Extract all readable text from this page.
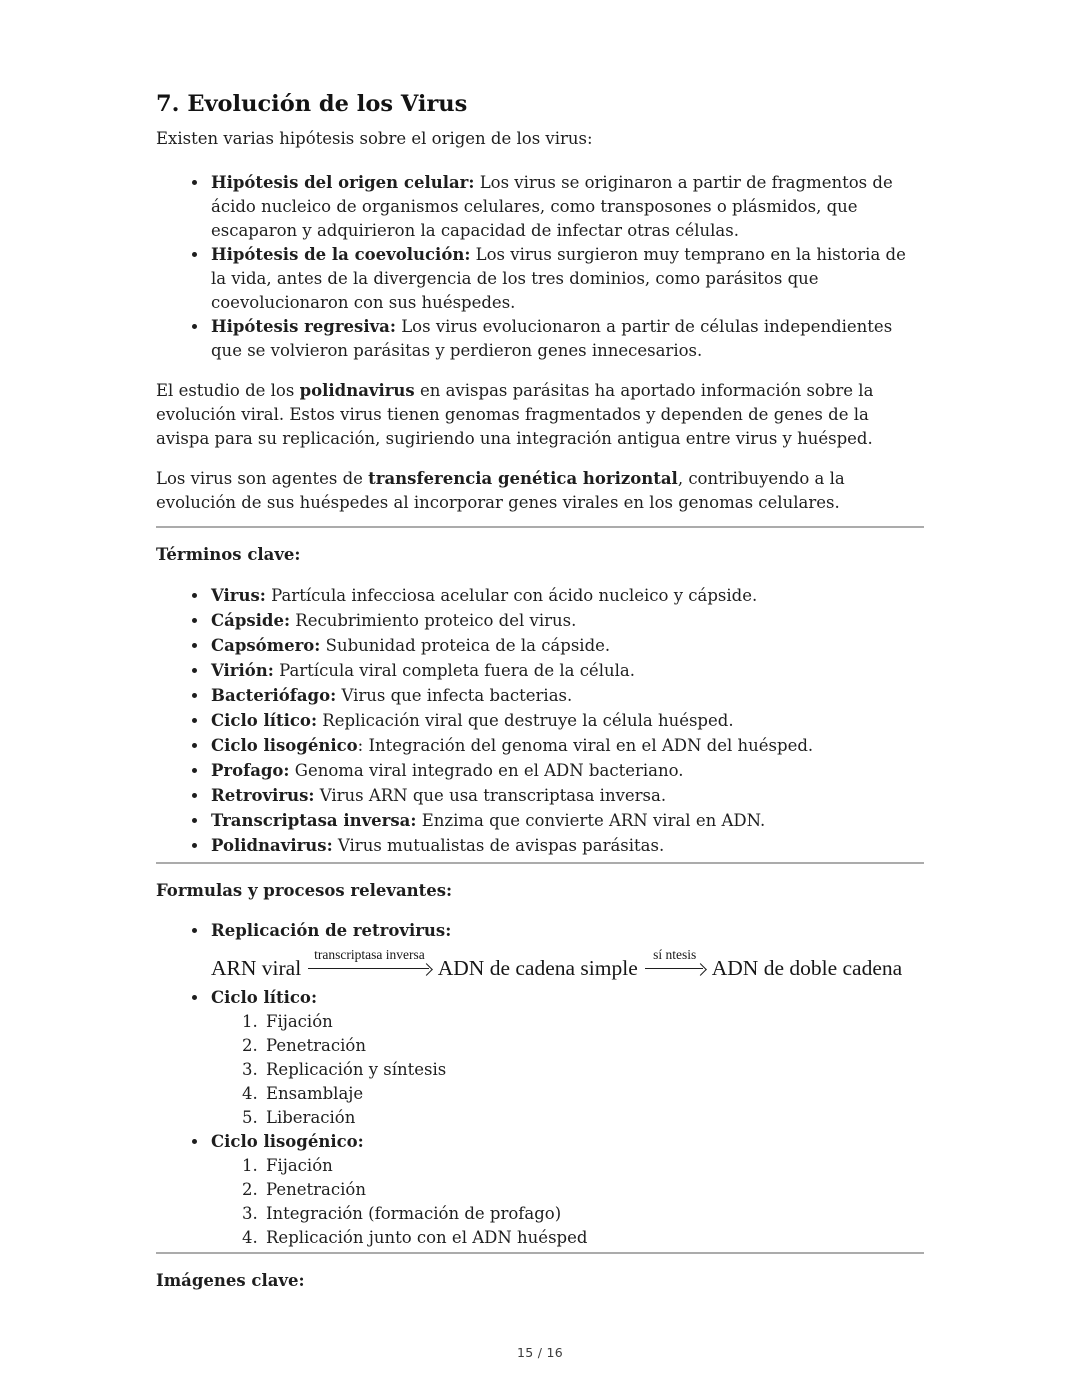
7. Evolución de los Virus

Existen varias hipótesis sobre el origen de los virus:

• Hipótesis del origen celular: Los virus se originaron a partir de fragmentos de ácido nucleico de organismos celulares, como transposones o plásmidos, que escaparon y adquirieron la capacidad de infectar otras células.
• Hipótesis de la coevolución: Los virus surgieron muy temprano en la historia de la vida, antes de la divergencia de los tres dominios, como parásitos que coevolucionaron con sus huéspedes.
• Hipótesis regresiva: Los virus evolucionaron a partir de células independientes que se volvieron parásitas y perdieron genes innecesarios.

El estudio de los polidnavirus en avispas parásitas ha aportado información sobre la evolución viral. Estos virus tienen genomas fragmentados y dependen de genes de la avispa para su replicación, sugiriendo una integración antigua entre virus y huésped.

Los virus son agentes de transferencia genética horizontal, contribuyendo a la evolución de sus huéspedes al incorporar genes virales en los genomas celulares.

Términos clave:

• Virus: Partícula infecciosa acelular con ácido nucleico y cápside.
• Cápside: Recubrimiento proteico del virus.
• Capsómero: Subunidad proteica de la cápside.
• Virión: Partícula viral completa fuera de la célula.
• Bacteriófago: Virus que infecta bacterias.
• Ciclo lítico: Replicación viral que destruye la célula huésped.
• Ciclo lisogénico: Integración del genoma viral en el ADN del huésped.
• Profago: Genoma viral integrado en el ADN bacteriano.
• Retrovirus: Virus ARN que usa transcriptasa inversa.
• Transcriptasa inversa: Enzima que convierte ARN viral en ADN.
• Polidnavirus: Virus mutualistas de avispas parásitas.

Formulas y procesos relevantes:

• Replicación de retrovirus:
ARN viral
transcriptasa inversa
ADN de cadena simple
sí ntesis
ADN de doble cadena
• Ciclo lítico:
1. Fijación
2. Penetración
3. Replicación y síntesis
4. Ensamblaje
5. Liberación
• Ciclo lisogénico:
1. Fijación
2. Penetración
3. Integración (formación de profago)
4. Replicación junto con el ADN huésped

Imágenes clave:

15 / 16
